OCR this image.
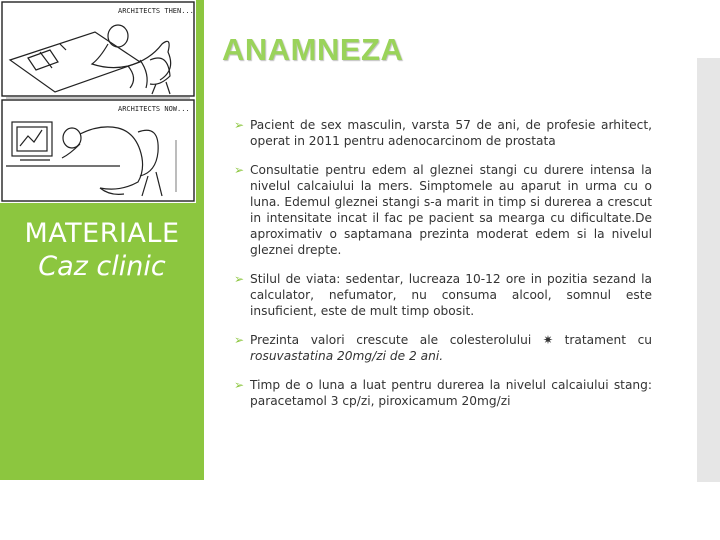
ARCHITECTS THEN...
ARCHITECTS NOW...
MATERIALE
Caz clinic
ANAMNEZA
➢ Pacient de sex masculin, varsta 57 de ani, de profesie arhitect, operat in 2011 pentru adenocarcinom de prostata
➢ Consultatie pentru edem al gleznei stangi cu durere intensa la nivelul calcaiului la mers. Simptomele au aparut in urma cu o luna. Edemul gleznei stangi s-a marit in timp si durerea a crescut in intensitate incat il fac pe pacient sa mearga cu dificultate.De aproximativ o saptamana prezinta moderat edem si la nivelul gleznei drepte.
➢ Stilul de viata: sedentar, lucreaza 10-12 ore in pozitia sezand la calculator, nefumator, nu consuma alcool, somnul este insuficient, este de mult timp obosit.
➢ Prezinta valori crescute ale colesterolului ✷ tratament cu rosuvastatina 20mg/zi de 2 ani.
➢ Timp de o luna a luat pentru durerea la nivelul calcaiului stang: paracetamol 3 cp/zi, piroxicamum 20mg/zi
